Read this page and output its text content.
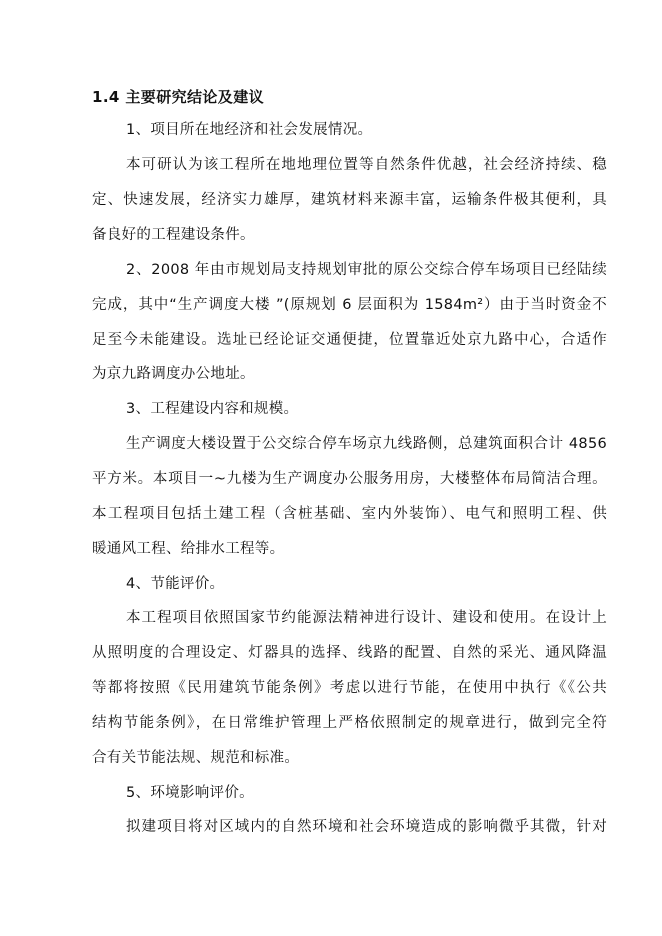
1.4 主要研究结论及建议

1、项目所在地经济和社会发展情况。

本可研认为该工程所在地地理位置等自然条件优越，社会经济持续、稳

定、快速发展，经济实力雄厚，建筑材料来源丰富，运输条件极其便利，具

备良好的工程建设条件。

2、2008 年由市规划局支持规划审批的原公交综合停车场项目已经陆续

完成，其中“生产调度大楼 ”(原规划 6 层面积为 1584m²）由于当时资金不

足至今未能建设。选址已经论证交通便捷，位置靠近处京九路中心，合适作

为京九路调度办公地址。

3、工程建设内容和规模。

生产调度大楼设置于公交综合停车场京九线路侧，总建筑面积合计 4856

平方米。本项目一~九楼为生产调度办公服务用房，大楼整体布局简洁合理。

本工程项目包括土建工程（含桩基础、室内外装饰）、电气和照明工程、供

暖通风工程、给排水工程等。

4、节能评价。

本工程项目依照国家节约能源法精神进行设计、建设和使用。在设计上

从照明度的合理设定、灯器具的选择、线路的配置、自然的采光、通风降温

等都将按照《民用建筑节能条例》考虑以进行节能，在使用中执行《《公共

结构节能条例》，在日常维护管理上严格依照制定的规章进行，做到完全符

合有关节能法规、规范和标准。

5、环境影响评价。

拟建项目将对区域内的自然环境和社会环境造成的影响微乎其微，针对
